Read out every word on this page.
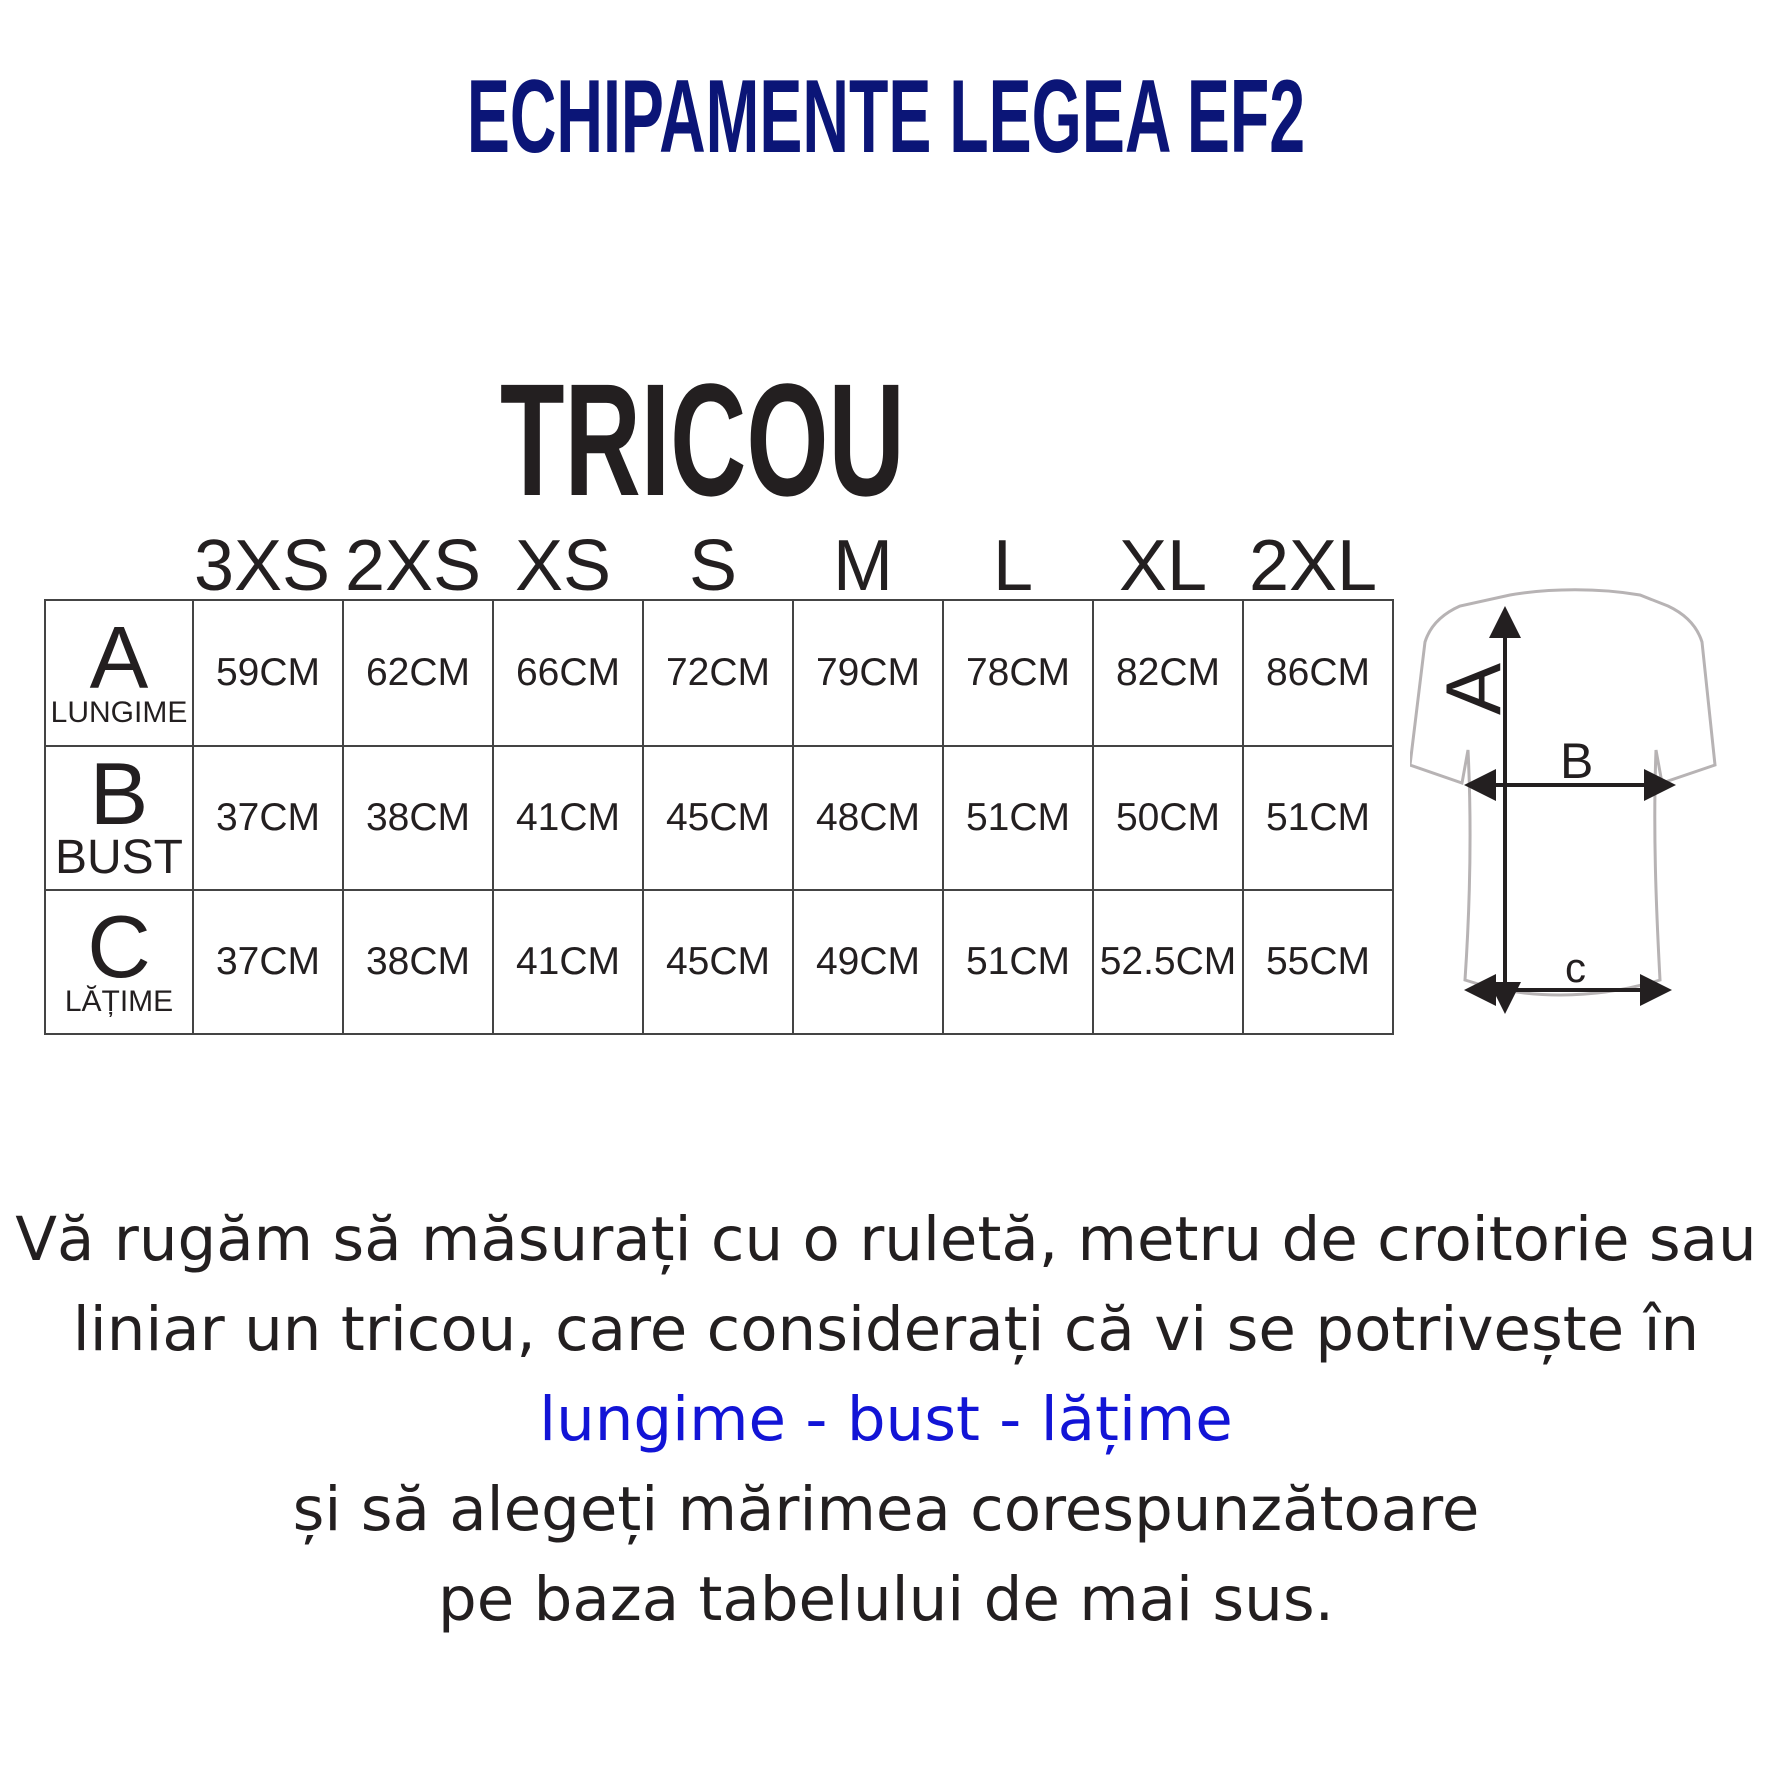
ECHIPAMENTE LEGEA EF2
TRICOU
3XS 2XS XS	S	M	L	XL 2XL
A
LUNGIME	59CM	62CM	66CM	72CM	79CM	78CM	82CM	86CM

B
BUST	37CM	38CM	41CM	45CM	48CM	51CM	50CM	51CM

C
LĂȚIME	37CM	38CM	41CM	45CM	49CM	51CM	52.5CM	55CM
A
B
c
Vă rugăm să măsurați cu o ruletă, metru de croitorie sau
liniar un tricou, care considerați că vi se potrivește în
lungime - bust - lățime
și să alegeți mărimea corespunzătoare
pe baza tabelului de mai sus.
